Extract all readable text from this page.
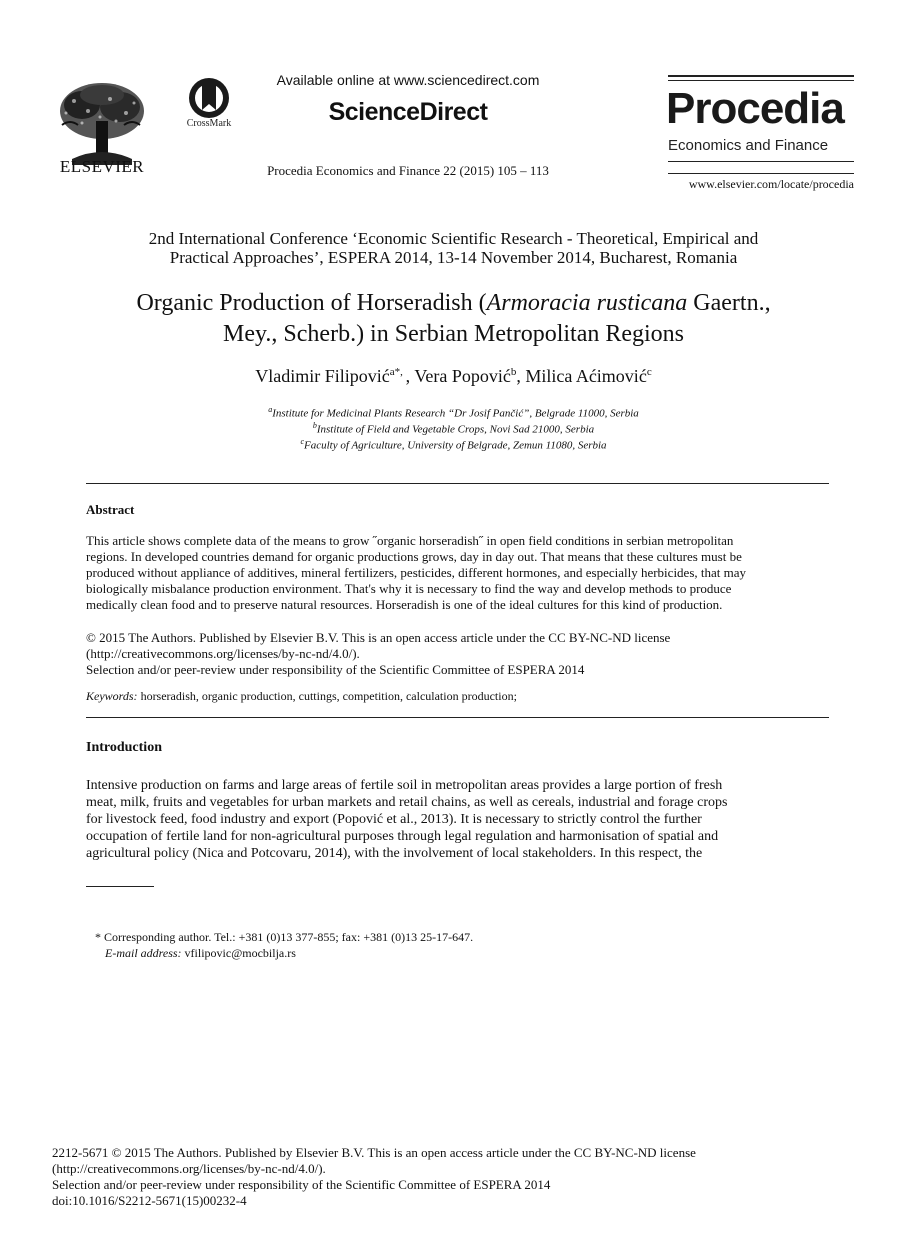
ELSEVIER
CrossMark
Available online at www.sciencedirect.com
ScienceDirect
Procedia Economics and Finance 22 (2015) 105 – 113
Procedia
Economics and Finance
www.elsevier.com/locate/procedia
2nd International Conference ‘Economic Scientific Research - Theoretical, Empirical and
Practical Approaches’, ESPERA 2014, 13-14 November 2014, Bucharest, Romania
Organic Production of Horseradish (Armoracia rusticana Gaertn.,
Mey., Scherb.) in Serbian Metropolitan Regions
Vladimir Filipović$^{a*,}$ , Vera Popović$^b$, Milica Aćimović$^c$
$^a$Institute for Medicinal Plants Research “Dr Josif Pančić”, Belgrade 11000, Serbia
$^b$Institute of Field and Vegetable Crops, Novi Sad 21000, Serbia
$^c$Faculty of Agriculture, University of Belgrade, Zemun 11080, Serbia
Abstract
This article shows complete data of the means to grow ˝organic horseradish˝ in open field conditions in serbian metropolitan
regions. In developed countries demand for organic productions grows, day in day out. That means that these cultures must be
produced without appliance of additives, mineral fertilizers, pesticides, different hormones, and especially herbicides, that may
biologically misbalance production environment. That's why it is necessary to find the way and develop methods to produce
medically clean food and to preserve natural resources. Horseradish is one of the ideal cultures for this kind of production.
© 2015 The Authors. Published by Elsevier B.V. This is an open access article under the CC BY-NC-ND license
(http://creativecommons.org/licenses/by-nc-nd/4.0/).
Selection and/or peer-review under responsibility of the Scientific Committee of ESPERA 2014
Keywords: horseradish, organic production, cuttings, competition, calculation production;
Introduction
Intensive production on farms and large areas of fertile soil in metropolitan areas provides a large portion of fresh
meat, milk, fruits and vegetables for urban markets and retail chains, as well as cereals, industrial and forage crops
for livestock feed, food industry and export (Popović et al., 2013). It is necessary to strictly control the further
occupation of fertile land for non-agricultural purposes through legal regulation and harmonisation of spatial and
agricultural policy (Nica and Potcovaru, 2014), with the involvement of local stakeholders. In this respect, the
* Corresponding author. Tel.: +381 (0)13 377-855; fax: +381 (0)13 25-17-647.
E-mail address: vfilipovic@mocbilja.rs
2212-5671 © 2015 The Authors. Published by Elsevier B.V. This is an open access article under the CC BY-NC-ND license
(http://creativecommons.org/licenses/by-nc-nd/4.0/).
Selection and/or peer-review under responsibility of the Scientific Committee of ESPERA 2014
doi:10.1016/S2212-5671(15)00232-4
